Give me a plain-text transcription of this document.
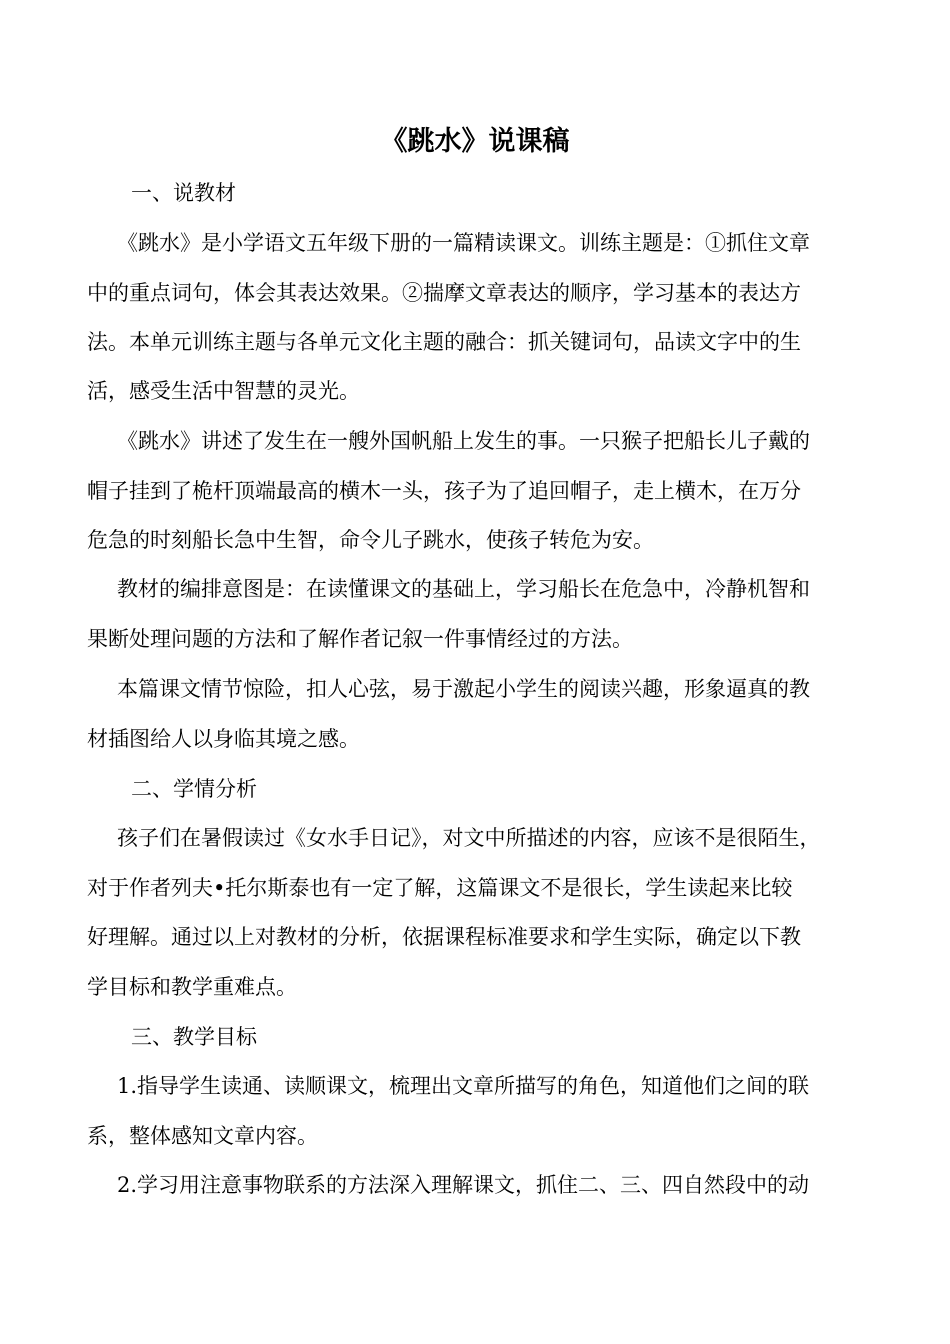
《跳水》说课稿

一、说教材

《跳水》是小学语文五年级下册的一篇精读课文。训练主题是：①抓住文章

中的重点词句，体会其表达效果。②揣摩文章表达的顺序，学习基本的表达方

法。本单元训练主题与各单元文化主题的融合：抓关键词句，品读文字中的生

活，感受生活中智慧的灵光。

《跳水》讲述了发生在一艘外国帆船上发生的事。一只猴子把船长儿子戴的

帽子挂到了桅杆顶端最高的横木一头，孩子为了追回帽子，走上横木，在万分

危急的时刻船长急中生智，命令儿子跳水，使孩子转危为安。

教材的编排意图是：在读懂课文的基础上，学习船长在危急中，冷静机智和

果断处理问题的方法和了解作者记叙一件事情经过的方法。

本篇课文情节惊险，扣人心弦，易于激起小学生的阅读兴趣，形象逼真的教

材插图给人以身临其境之感。

二、学情分析

孩子们在暑假读过《女水手日记》，对文中所描述的内容，应该不是很陌生，

对于作者列夫•托尔斯泰也有一定了解，这篇课文不是很长，学生读起来比较

好理解。通过以上对教材的分析，依据课程标准要求和学生实际，确定以下教

学目标和教学重难点。

三、教学目标

1.指导学生读通、读顺课文，梳理出文章所描写的角色，知道他们之间的联

系，整体感知文章内容。

2.学习用注意事物联系的方法深入理解课文，抓住二、三、四自然段中的动
